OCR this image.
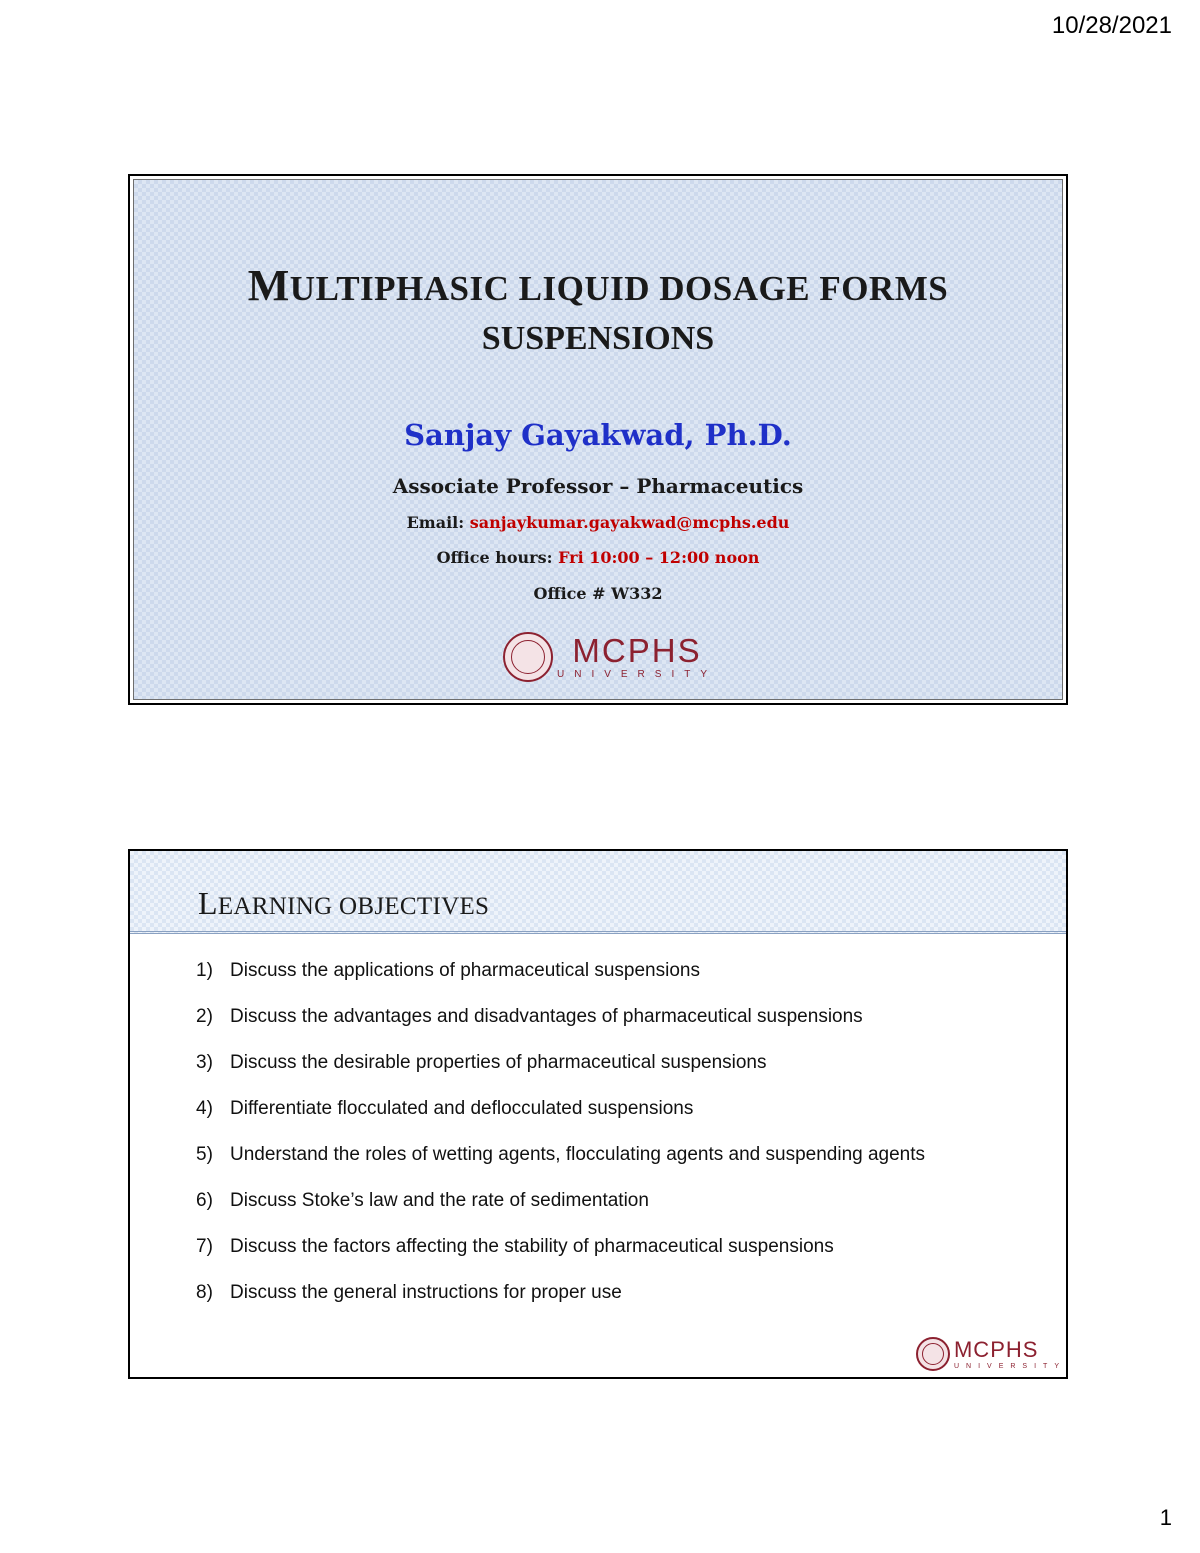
10/28/2021
MULTIPHASIC LIQUID DOSAGE FORMS
SUSPENSIONS
Sanjay Gayakwad, Ph.D.
Associate Professor – Pharmaceutics
Email: sanjaykumar.gayakwad@mcphs.edu
Office hours: Fri 10:00 – 12:00 noon
Office # W332
MCPHS
UNIVERSITY
LEARNING OBJECTIVES
1) Discuss the applications of pharmaceutical suspensions
2) Discuss the advantages and disadvantages of pharmaceutical suspensions
3) Discuss the desirable properties of pharmaceutical suspensions
4) Differentiate flocculated and deflocculated suspensions
5) Understand the roles of wetting agents, flocculating agents and suspending agents
6) Discuss Stoke’s law and the rate of sedimentation
7) Discuss the factors affecting the stability of pharmaceutical suspensions
8) Discuss the general instructions for proper use
MCPHS
UNIVERSITY
1
